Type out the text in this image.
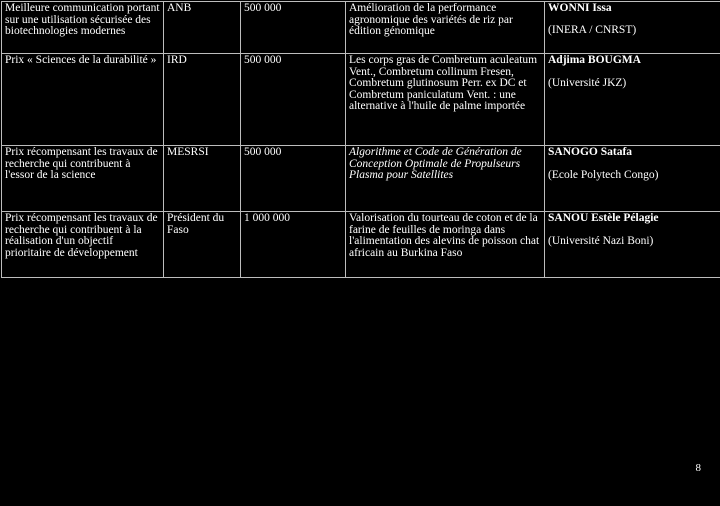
Meilleure communication portant sur une utilisation sécurisée des biotechnologies modernes	ANB	500 000	Amélioration de la performance agronomique des variétés de riz par édition génomique	WONNI Issa
(INERA / CNRST)

Prix « Sciences de la durabilité »	IRD	500 000	Les corps gras de Combretum aculeatum Vent., Combretum collinum Fresen, Combretum glutinosum Perr. ex DC et Combretum paniculatum Vent. : une alternative à l'huile de palme importée	Adjima BOUGMA
(Université JKZ)

Prix récompensant les travaux de recherche qui contribuent à l'essor de la science	MESRSI	500 000	Algorithme et Code de Génération de Conception Optimale de Propulseurs Plasma pour Satellites	SANOGO Satafa
(Ecole Polytech Congo)

Prix récompensant les travaux de recherche qui contribuent à la réalisation d'un objectif prioritaire de développement	Président du Faso	1 000 000	Valorisation du tourteau de coton et de la farine de feuilles de moringa dans l'alimentation des alevins de poisson chat africain au Burkina Faso	SANOU Estèle Pélagie
(Université Nazi Boni)
8
